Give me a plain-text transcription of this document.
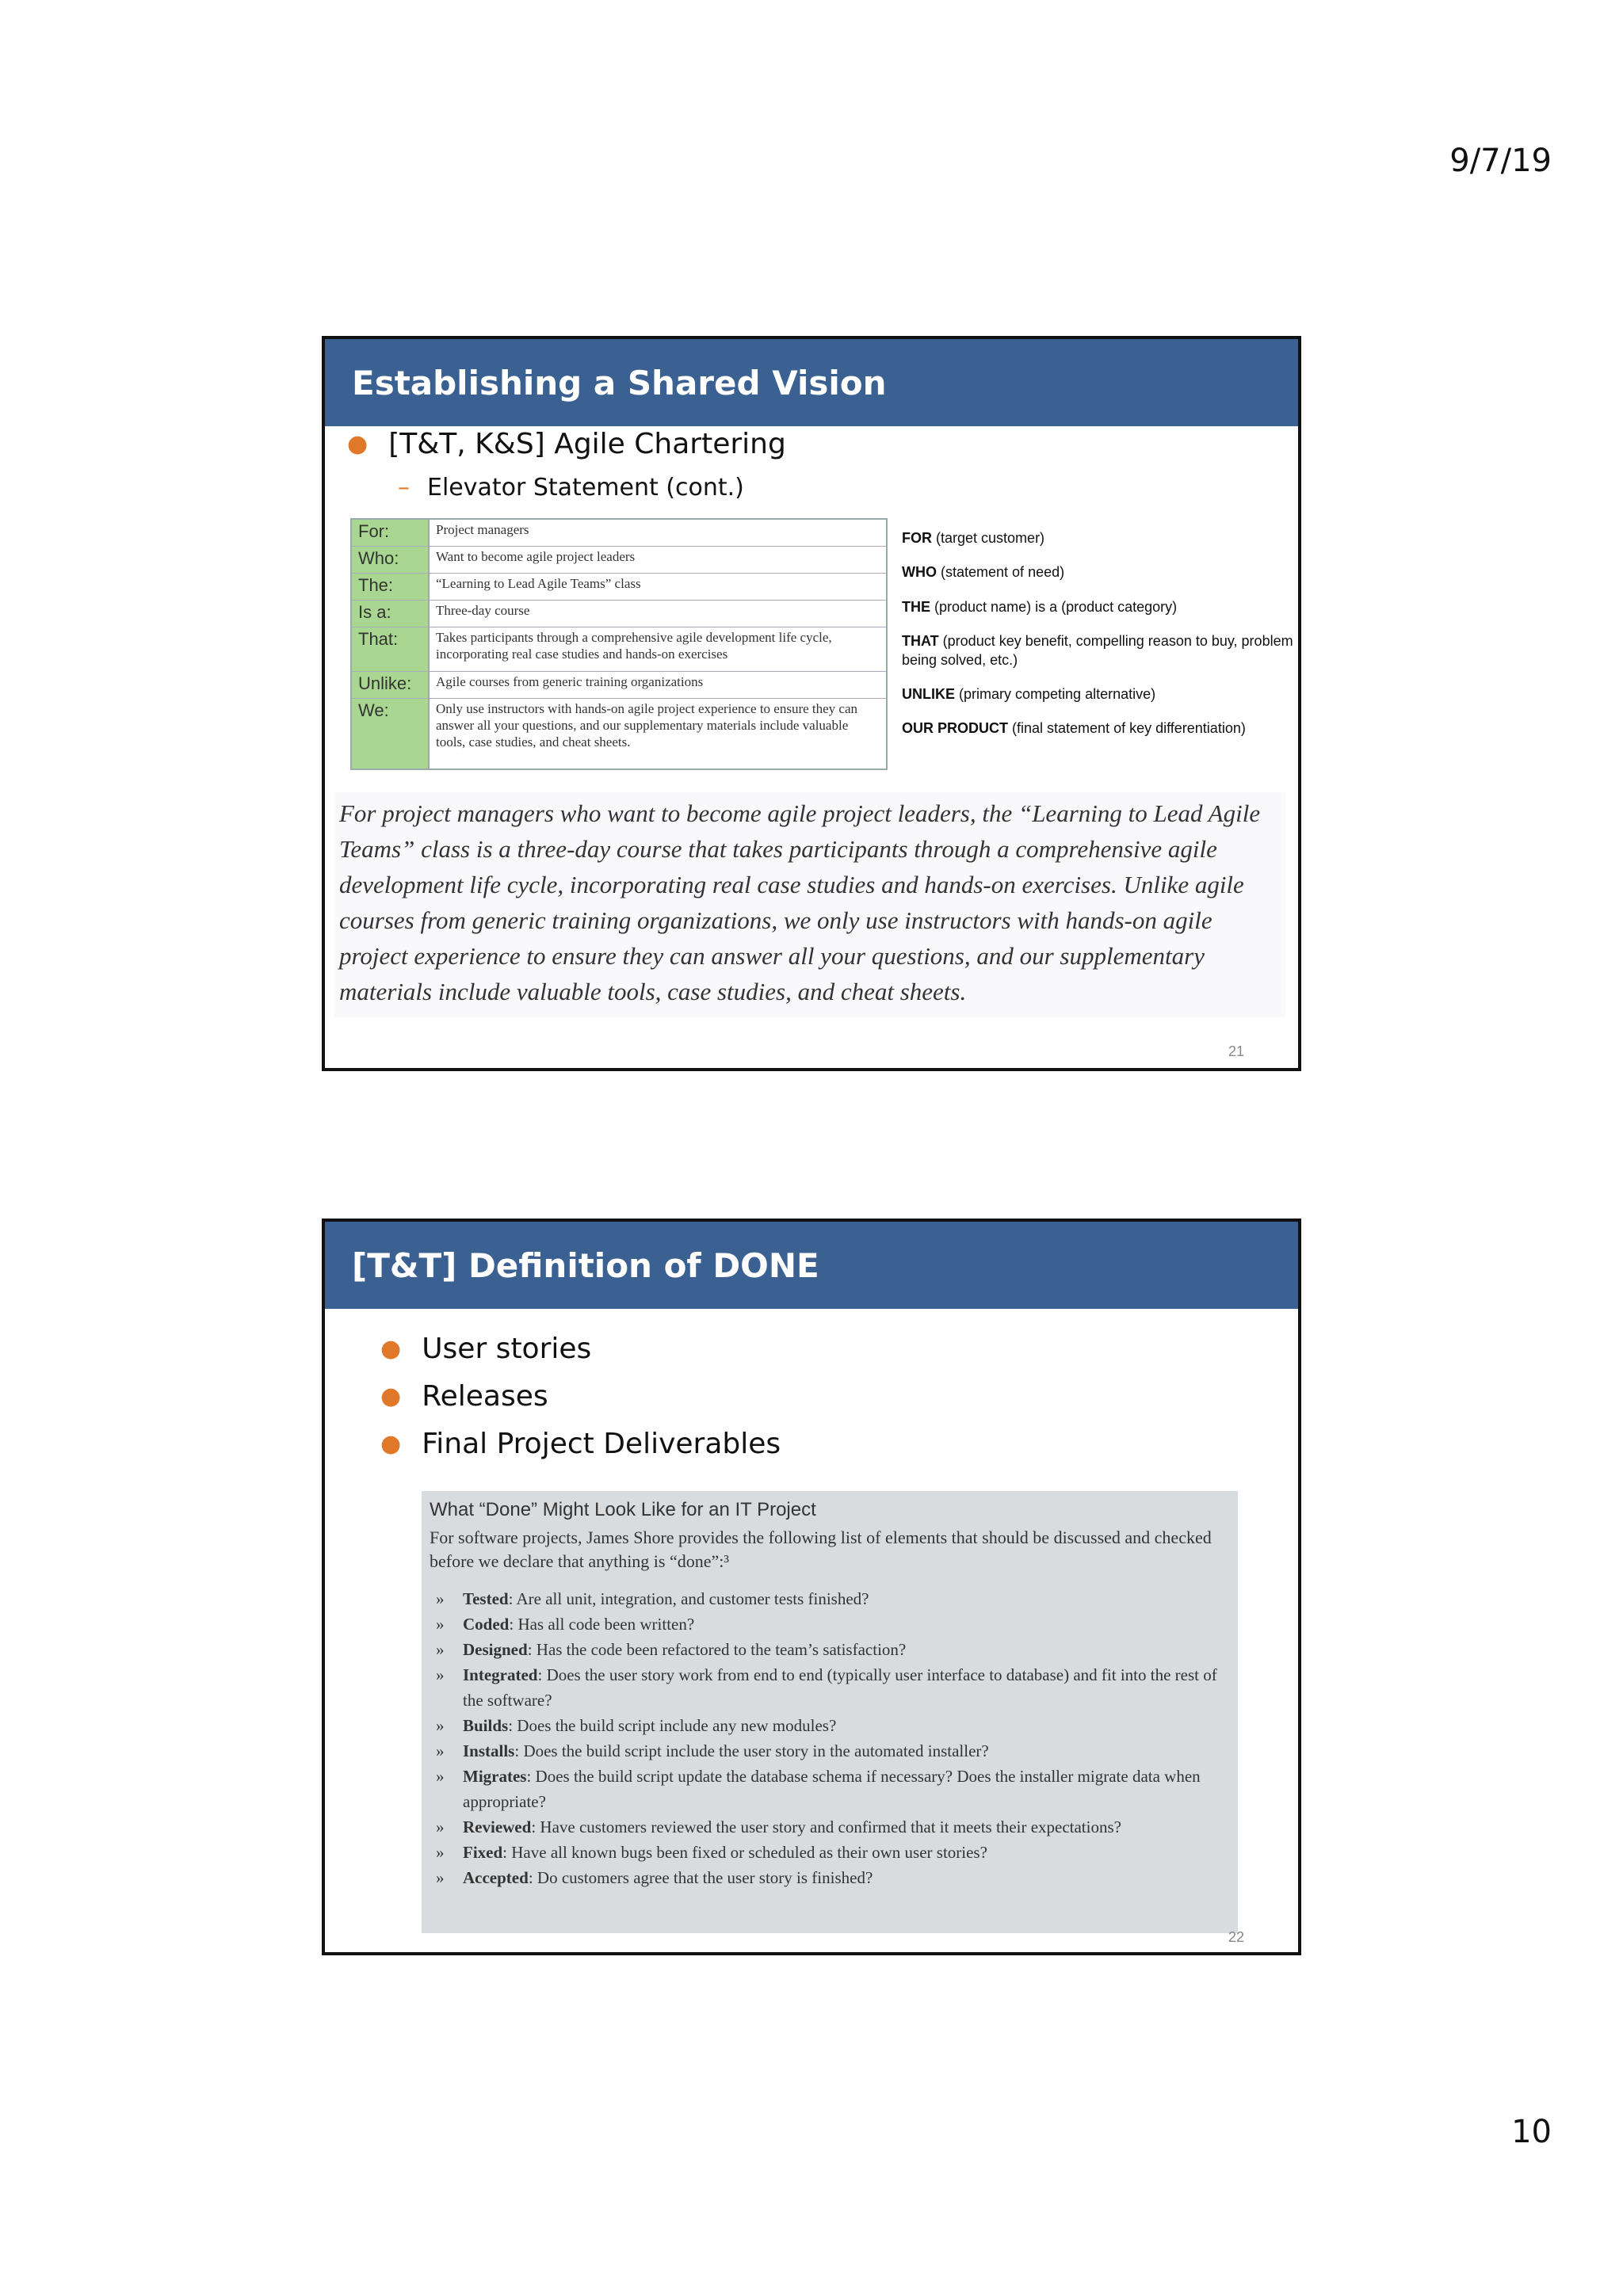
9/7/19
Establishing a Shared Vision
● [T&T, K&S] Agile Chartering
– Elevator Statement (cont.)
For:	Project managers
Who:	Want to become agile project leaders
The:	“Learning to Lead Agile Teams” class
Is a:	Three-day course
That:	Takes participants through a comprehensive agile development life cycle, incorporating real case studies and hands-on exercises
Unlike:	Agile courses from generic training organizations
We:	Only use instructors with hands-on agile project experience to ensure they can answer all your questions, and our supplementary materials include valuable tools, case studies, and cheat sheets.

FOR (target customer)

WHO (statement of need)

THE (product name) is a (product category)

THAT (product key benefit, compelling reason to buy, problem being solved, etc.)

UNLIKE (primary competing alternative)

OUR PRODUCT (final statement of key differentiation)

For project managers who want to become agile project leaders, the “Learning to Lead Agile Teams” class is a three-day course that takes participants through a comprehensive agile development life cycle, incorporating real case studies and hands-on exercises. Unlike agile courses from generic training organizations, we only use instructors with hands-on agile project experience to ensure they can answer all your questions, and our supplementary materials include valuable tools, case studies, and cheat sheets.
21
[T&T] Definition of DONE
● User stories
● Releases
● Final Project Deliverables
What “Done” Might Look Like for an IT Project
For software projects, James Shore provides the following list of elements that should be discussed and checked before we declare that anything is “done”:³
»	Tested: Are all unit, integration, and customer tests finished?
»	Coded: Has all code been written?
»	Designed: Has the code been refactored to the team’s satisfaction?
»	Integrated: Does the user story work from end to end (typically user interface to database) and fit into the rest of the software?
»	Builds: Does the build script include any new modules?
»	Installs: Does the build script include the user story in the automated installer?
»	Migrates: Does the build script update the database schema if necessary? Does the installer migrate data when appropriate?
»	Reviewed: Have customers reviewed the user story and confirmed that it meets their expectations?
»	Fixed: Have all known bugs been fixed or scheduled as their own user stories?
»	Accepted: Do customers agree that the user story is finished?
22
10
